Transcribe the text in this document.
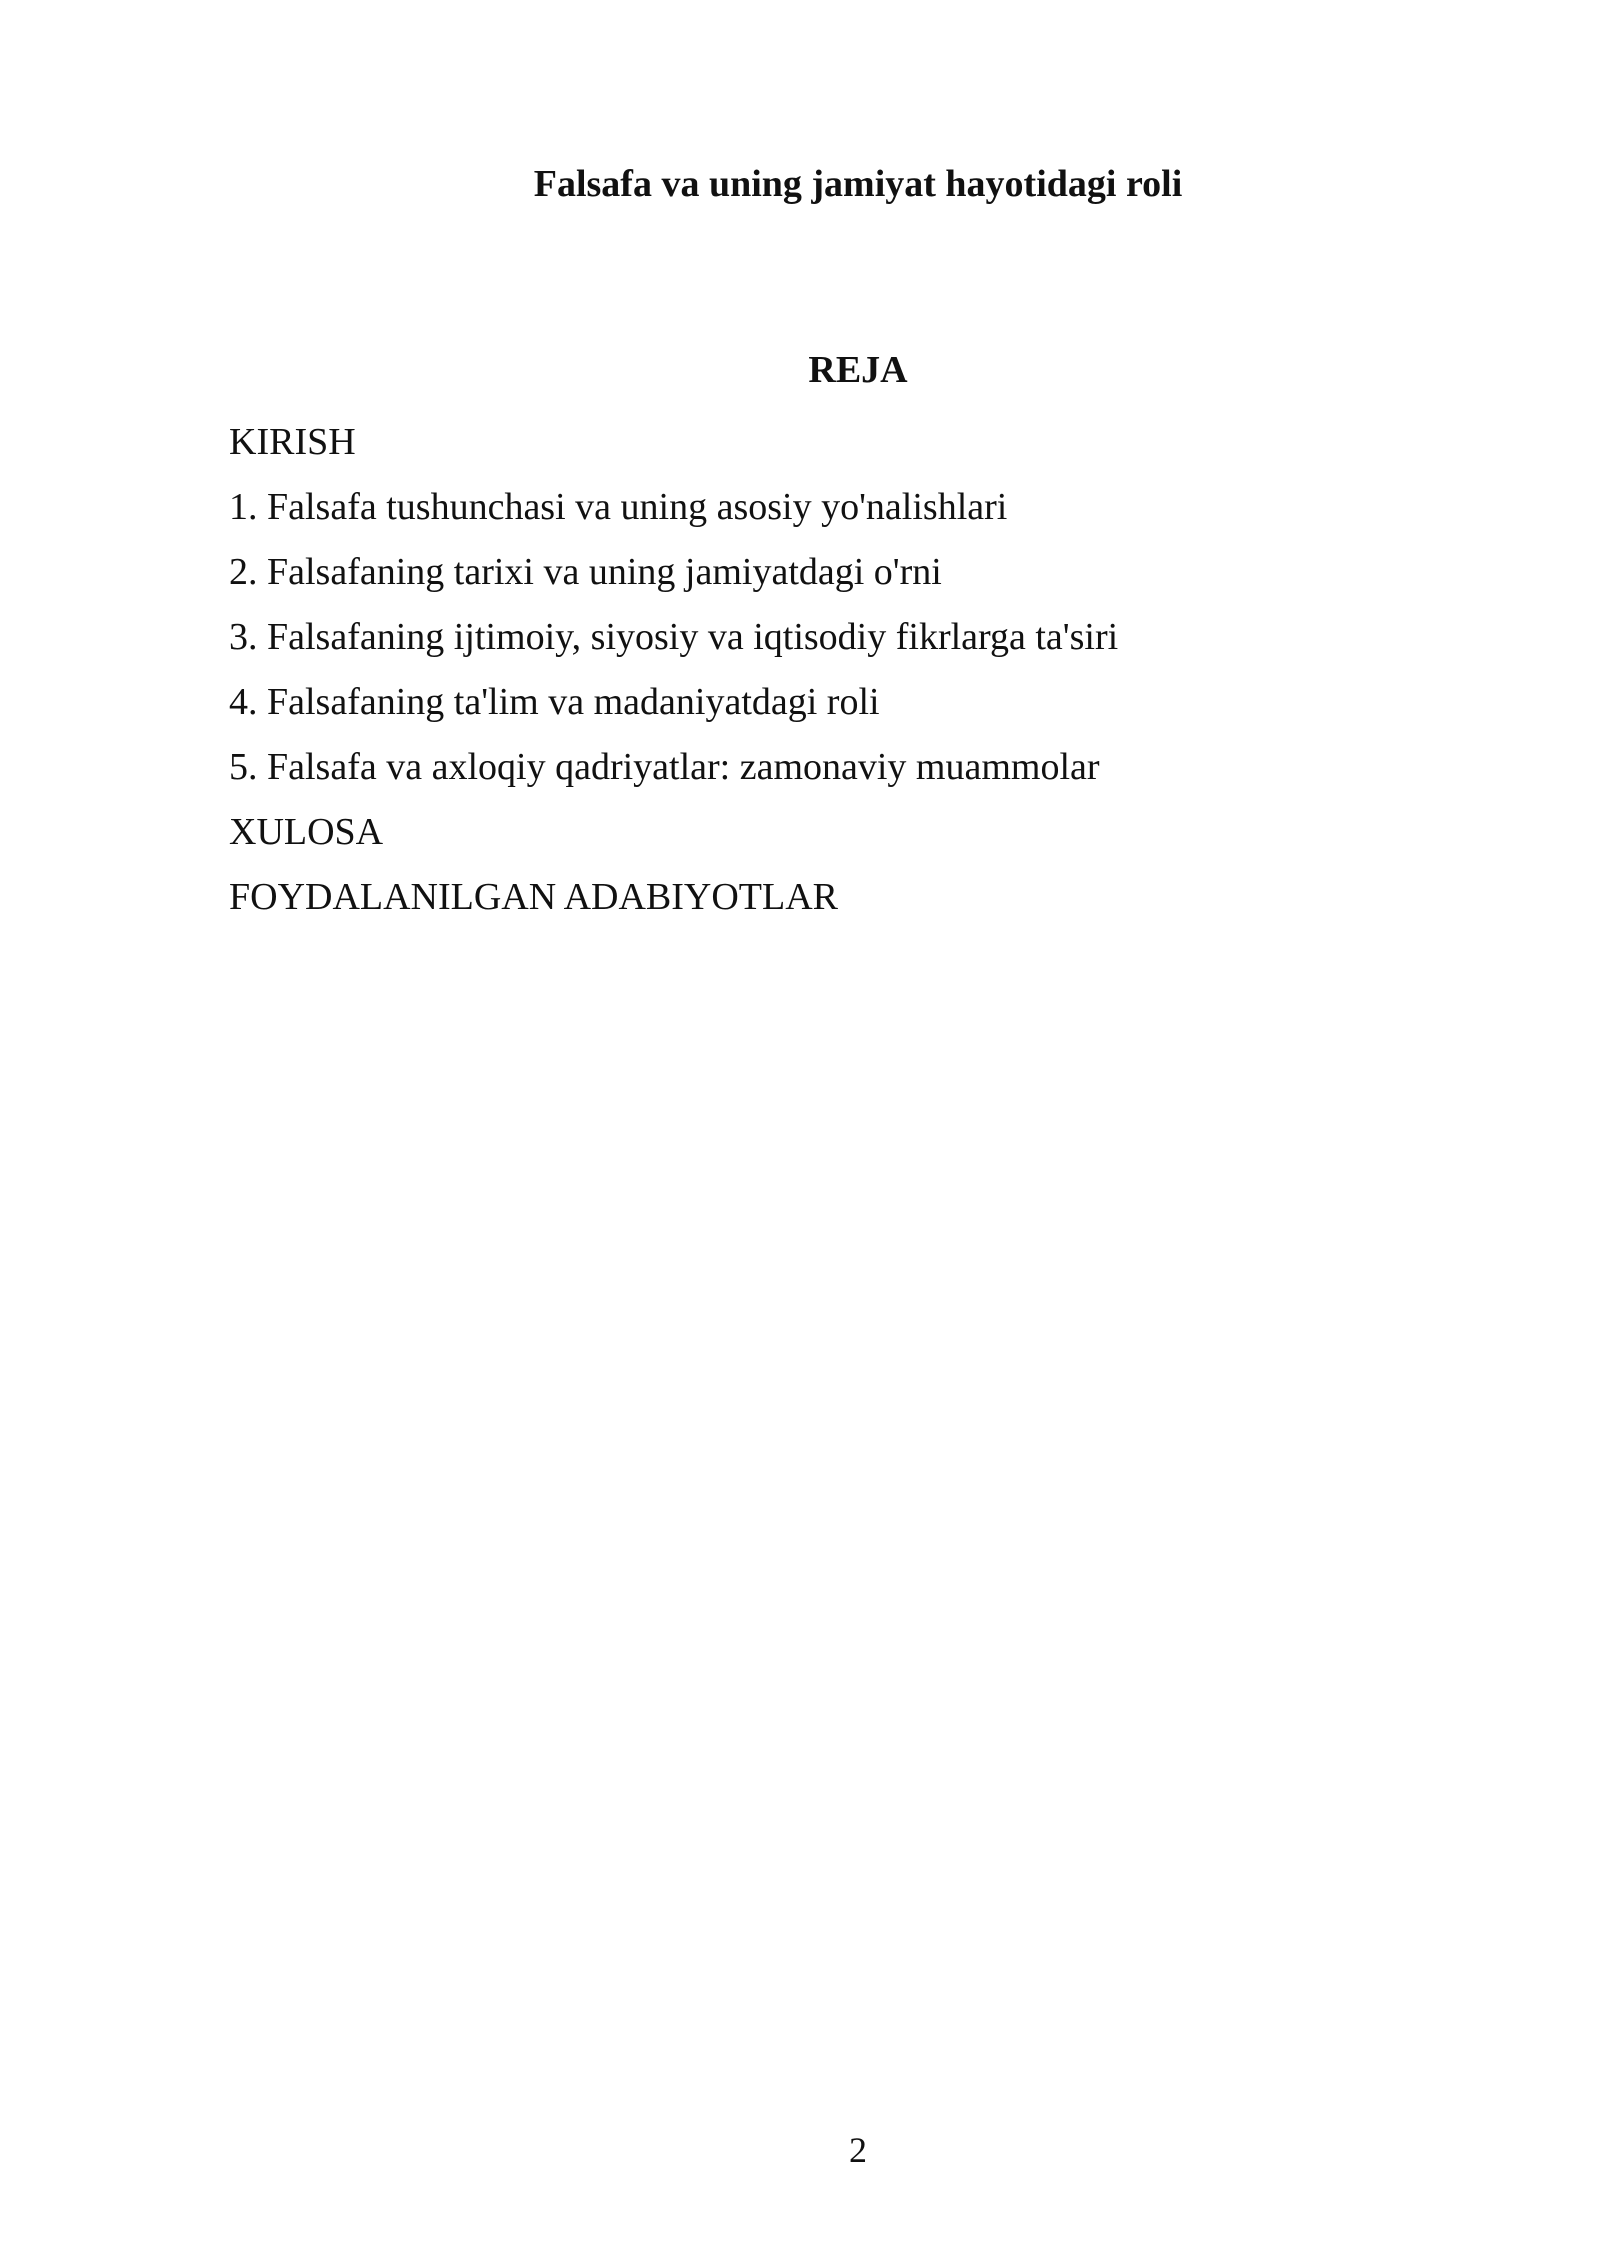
Falsafa va uning jamiyat hayotidagi roli
REJA
KIRISH
1. Falsafa tushunchasi va uning asosiy yo'nalishlari
2. Falsafaning tarixi va uning jamiyatdagi o'rni
3. Falsafaning ijtimoiy, siyosiy va iqtisodiy fikrlarga ta'siri
4. Falsafaning ta'lim va madaniyatdagi roli
5. Falsafa va axloqiy qadriyatlar: zamonaviy muammolar
XULOSA
FOYDALANILGAN ADABIYOTLAR
2
